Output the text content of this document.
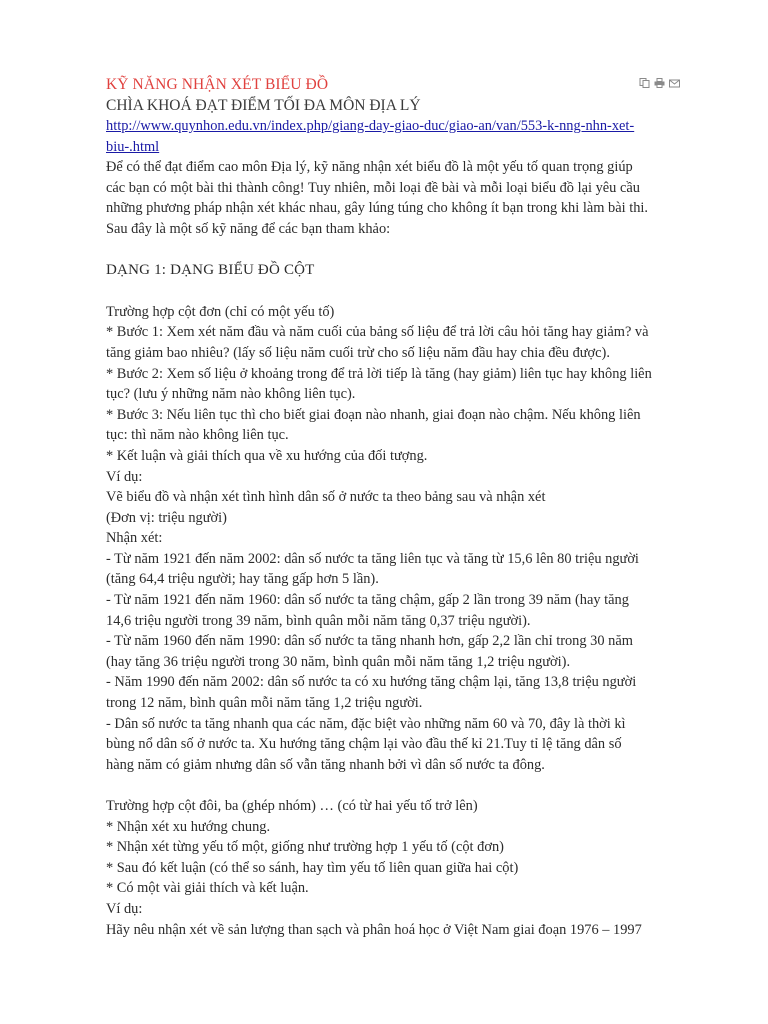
KỸ NĂNG NHẬN XÉT BIỂU ĐỒ

CHÌA KHOÁ ĐẠT ĐIỂM TỐI ĐA MÔN ĐỊA LÝ

http://www.quynhon.edu.vn/index.php/giang-day-giao-duc/giao-an/van/553-k-nng-nhn-xet-
biu-.html

Để có thể đạt điểm cao môn Địa lý, kỹ năng nhận xét biểu đồ là một yếu tố quan trọng giúp

các bạn có một bài thi thành công! Tuy nhiên, mỗi loại đề bài và mỗi loại biểu đồ lại yêu cầu

những phương pháp nhận xét khác nhau, gây lúng túng cho không ít bạn trong khi làm bài thi.

Sau đây là một số kỹ năng để các bạn tham khảo:

DẠNG 1: DẠNG BIỂU ĐỒ CỘT

Trường hợp cột đơn (chỉ có một yếu tố)

* Bước 1: Xem xét năm đầu và năm cuối của bảng số liệu để trả lời câu hỏi tăng hay giảm? và

tăng giảm bao nhiêu? (lấy số liệu năm cuối trừ cho số liệu năm đầu hay chia đều được).

* Bước 2: Xem số liệu ở khoảng trong để trả lời tiếp là tăng (hay giảm) liên tục hay không liên

tục? (lưu ý những năm nào không liên tục).

* Bước 3: Nếu liên tục thì cho biết giai đoạn nào nhanh, giai đoạn nào chậm. Nếu không liên

tục: thì năm nào không liên tục.

* Kết luận và giải thích qua về xu hướng của đối tượng.

Ví dụ:

Vẽ biểu đồ và nhận xét tình hình dân số ở nước ta theo bảng sau và nhận xét

(Đơn vị: triệu người)

Nhận xét:

- Từ năm 1921 đến năm 2002: dân số nước ta tăng liên tục và tăng từ 15,6 lên 80 triệu người

(tăng 64,4 triệu người; hay tăng gấp hơn 5 lần).

- Từ năm 1921 đến năm 1960: dân số nước ta tăng chậm, gấp 2 lần trong 39 năm (hay tăng

14,6 triệu người trong 39 năm, bình quân mỗi năm tăng 0,37 triệu người).

- Từ năm 1960 đến năm 1990: dân số nước ta tăng nhanh hơn, gấp 2,2 lần chỉ trong 30 năm

(hay tăng 36 triệu người trong 30 năm, bình quân mỗi năm tăng 1,2 triệu người).

- Năm 1990 đến năm 2002: dân số nước ta có xu hướng tăng chậm lại, tăng 13,8 triệu người

trong 12 năm, bình quân mỗi năm tăng 1,2 triệu người.

- Dân số nước ta tăng nhanh qua các năm, đặc biệt vào những năm 60 và 70, đây là thời kì

bùng nổ dân số ở nước ta. Xu hướng tăng chậm lại vào đầu thế kỉ 21.Tuy tỉ lệ tăng dân số

hàng năm có giảm nhưng dân số vẫn tăng nhanh bởi vì dân số nước ta đông.

Trường hợp cột đôi, ba (ghép nhóm) … (có từ hai yếu tố trở lên)

* Nhận xét xu hướng chung.

* Nhận xét từng yếu tố một, giống như trường hợp 1 yếu tố (cột đơn)

* Sau đó kết luận (có thể so sánh, hay tìm yếu tố liên quan giữa hai cột)

* Có một vài giải thích và kết luận.

Ví dụ:

Hãy nêu nhận xét về sản lượng than sạch và phân hoá học ở Việt Nam giai đoạn 1976 – 1997
